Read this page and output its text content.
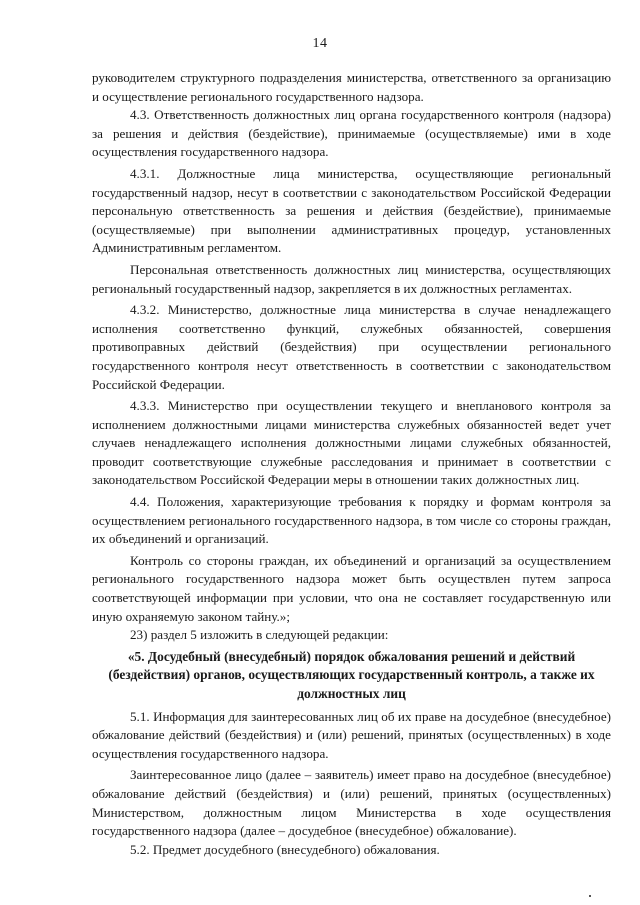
14

руководителем структурного подразделения министерства, ответственного за организацию и осуществление регионального государственного надзора.

4.3. Ответственность должностных лиц органа государственного контроля (надзора) за решения и действия (бездействие), принимаемые (осуществляемые) ими в ходе осуществления государственного надзора.

4.3.1. Должностные лица министерства, осуществляющие региональный государственный надзор, несут в соответствии с законодательством Российской Федерации персональную ответственность за решения и действия (бездействие), принимаемые (осуществляемые) при выполнении административных процедур, установленных Административным регламентом.

Персональная ответственность должностных лиц министерства, осуществляющих региональный государственный надзор, закрепляется в их должностных регламентах.

4.3.2. Министерство, должностные лица министерства в случае ненадлежащего исполнения соответственно функций, служебных обязанностей, совершения противоправных действий (бездействия) при осуществлении регионального государственного контроля несут ответственность в соответствии с законодательством Российской Федерации.

4.3.3. Министерство при осуществлении текущего и внепланового контроля за исполнением должностными лицами министерства служебных обязанностей ведет учет случаев ненадлежащего исполнения должностными лицами служебных обязанностей, проводит соответствующие служебные расследования и принимает в соответствии с законодательством Российской Федерации меры в отношении таких должностных лиц.

4.4. Положения, характеризующие требования к порядку и формам контроля за осуществлением регионального государственного надзора, в том числе со стороны граждан, их объединений и организаций.

Контроль со стороны граждан, их объединений и организаций за осуществлением регионального государственного надзора может быть осуществлен путем запроса соответствующей информации при условии, что она не составляет государственную или иную охраняемую законом тайну.»;

23) раздел 5 изложить в следующей редакции:

«5. Досудебный (внесудебный) порядок обжалования решений и действий (бездействия) органов, осуществляющих государственный контроль, а также их должностных лиц

5.1. Информация для заинтересованных лиц об их праве на досудебное (внесудебное) обжалование действий (бездействия) и (или) решений, принятых (осуществленных) в ходе осуществления государственного надзора.

Заинтересованное лицо (далее – заявитель) имеет право на досудебное (внесудебное) обжалование действий (бездействия) и (или) решений, принятых (осуществленных) Министерством, должностным лицом Министерства в ходе осуществления государственного надзора (далее – досудебное (внесудебное) обжалование).

5.2. Предмет досудебного (внесудебного) обжалования.
